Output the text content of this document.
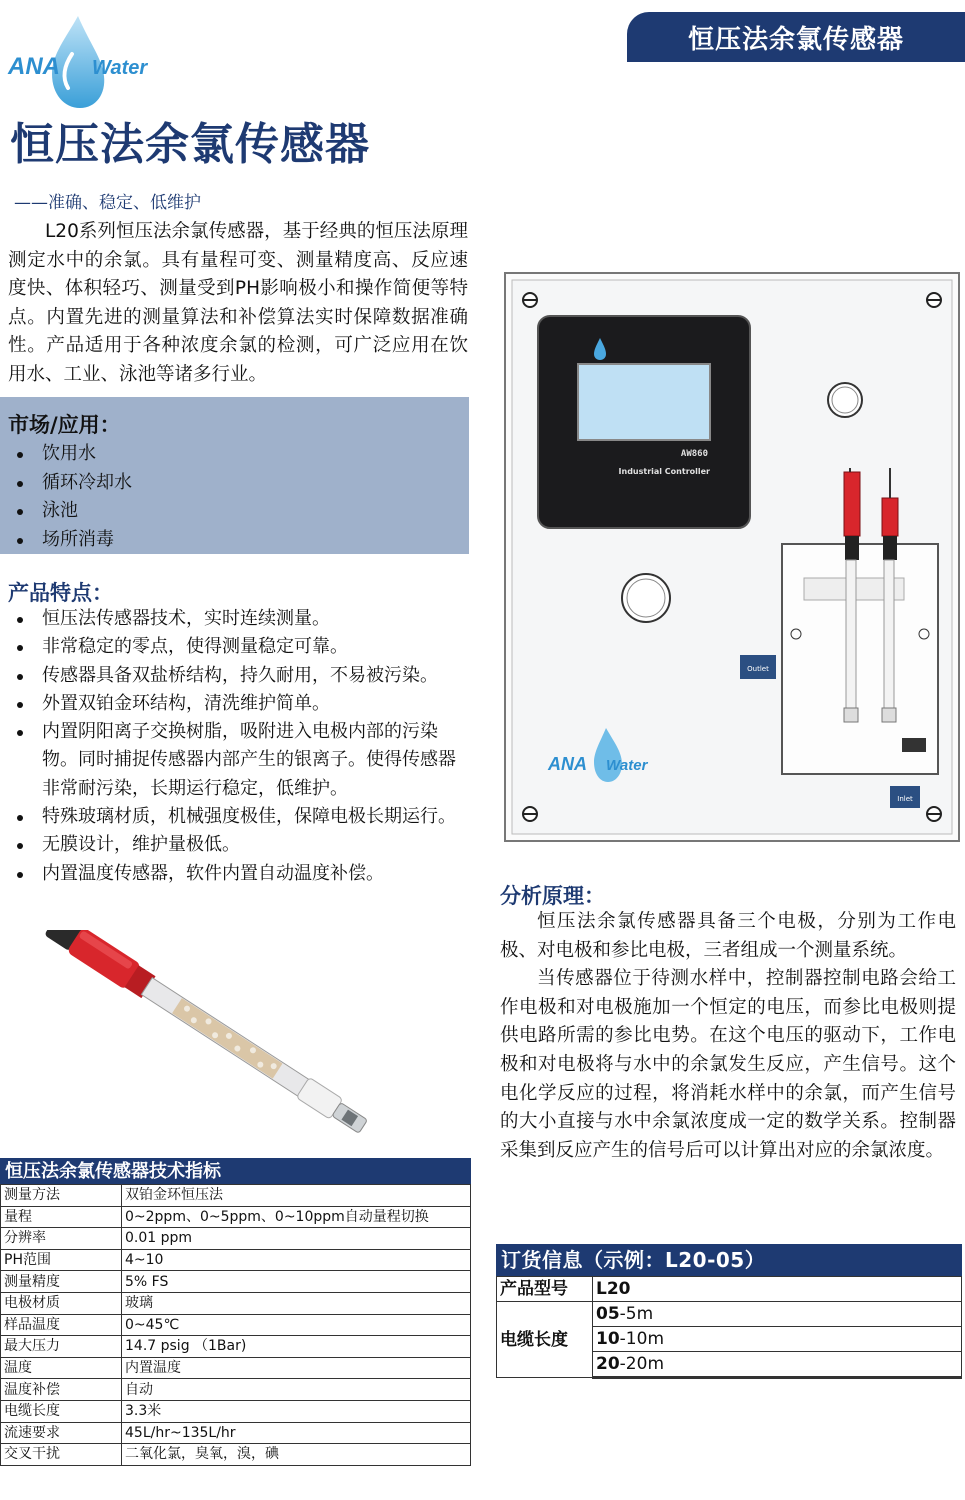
恒压法余氯传感器
ANA Water
恒压法余氯传感器
——准确、稳定、低维护

L20系列恒压法余氯传感器，基于经典的恒压法原理测定水中的余氯。具有量程可变、测量精度高、反应速度快、体积轻巧、测量受到PH影响极小和操作简便等特点。内置先进的测量算法和补偿算法实时保障数据准确性。产品适用于各种浓度余氯的检测，可广泛应用在饮用水、工业、泳池等诸多行业。

市场/应用：
饮用水
循环冷却水
泳池
场所消毒
产品特点：
恒压法传感器技术，实时连续测量。
非常稳定的零点，使得测量稳定可靠。
传感器具备双盐桥结构，持久耐用，不易被污染。
外置双铂金环结构，清洗维护简单。
内置阴阳离子交换树脂，吸附进入电极内部的污染物。同时捕捉传感器内部产生的银离子。使得传感器非常耐污染，长期运行稳定，低维护。
特殊玻璃材质，机械强度极佳，保障电极长期运行。
无膜设计，维护量极低。
内置温度传感器，软件内置自动温度补偿。
AW860
Industrial Controller
Outlet
Inlet
ANA Water
分析原理：

恒压法余氯传感器具备三个电极，分别为工作电极、对电极和参比电极，三者组成一个测量系统。

当传感器位于待测水样中，控制器控制电路会给工作电极和对电极施加一个恒定的电压，而参比电极则提供电路所需的参比电势。在这个电压的驱动下，工作电极和对电极将与水中的余氯发生反应，产生信号。这个电化学反应的过程，将消耗水样中的余氯，而产生信号的大小直接与水中余氯浓度成一定的数学关系。控制器采集到反应产生的信号后可以计算出对应的余氯浓度。

恒压法余氯传感器技术指标
测量方法	双铂金环恒压法
量程	0~2ppm、0~5ppm、0~10ppm自动量程切换
分辨率	0.01 ppm
PH范围	4~10
测量精度	5% FS
电极材质	玻璃
样品温度	0~45℃
最大压力	14.7 psig （1Bar)
温度	内置温度
温度补偿	自动
电缆长度	3.3米
流速要求	45L/hr~135L/hr
交叉干扰	二氧化氯，臭氧，溴，碘
订货信息（示例：L20-05）
产品型号	L20
电缆长度	05-5m
	10-10m
	20-20m
